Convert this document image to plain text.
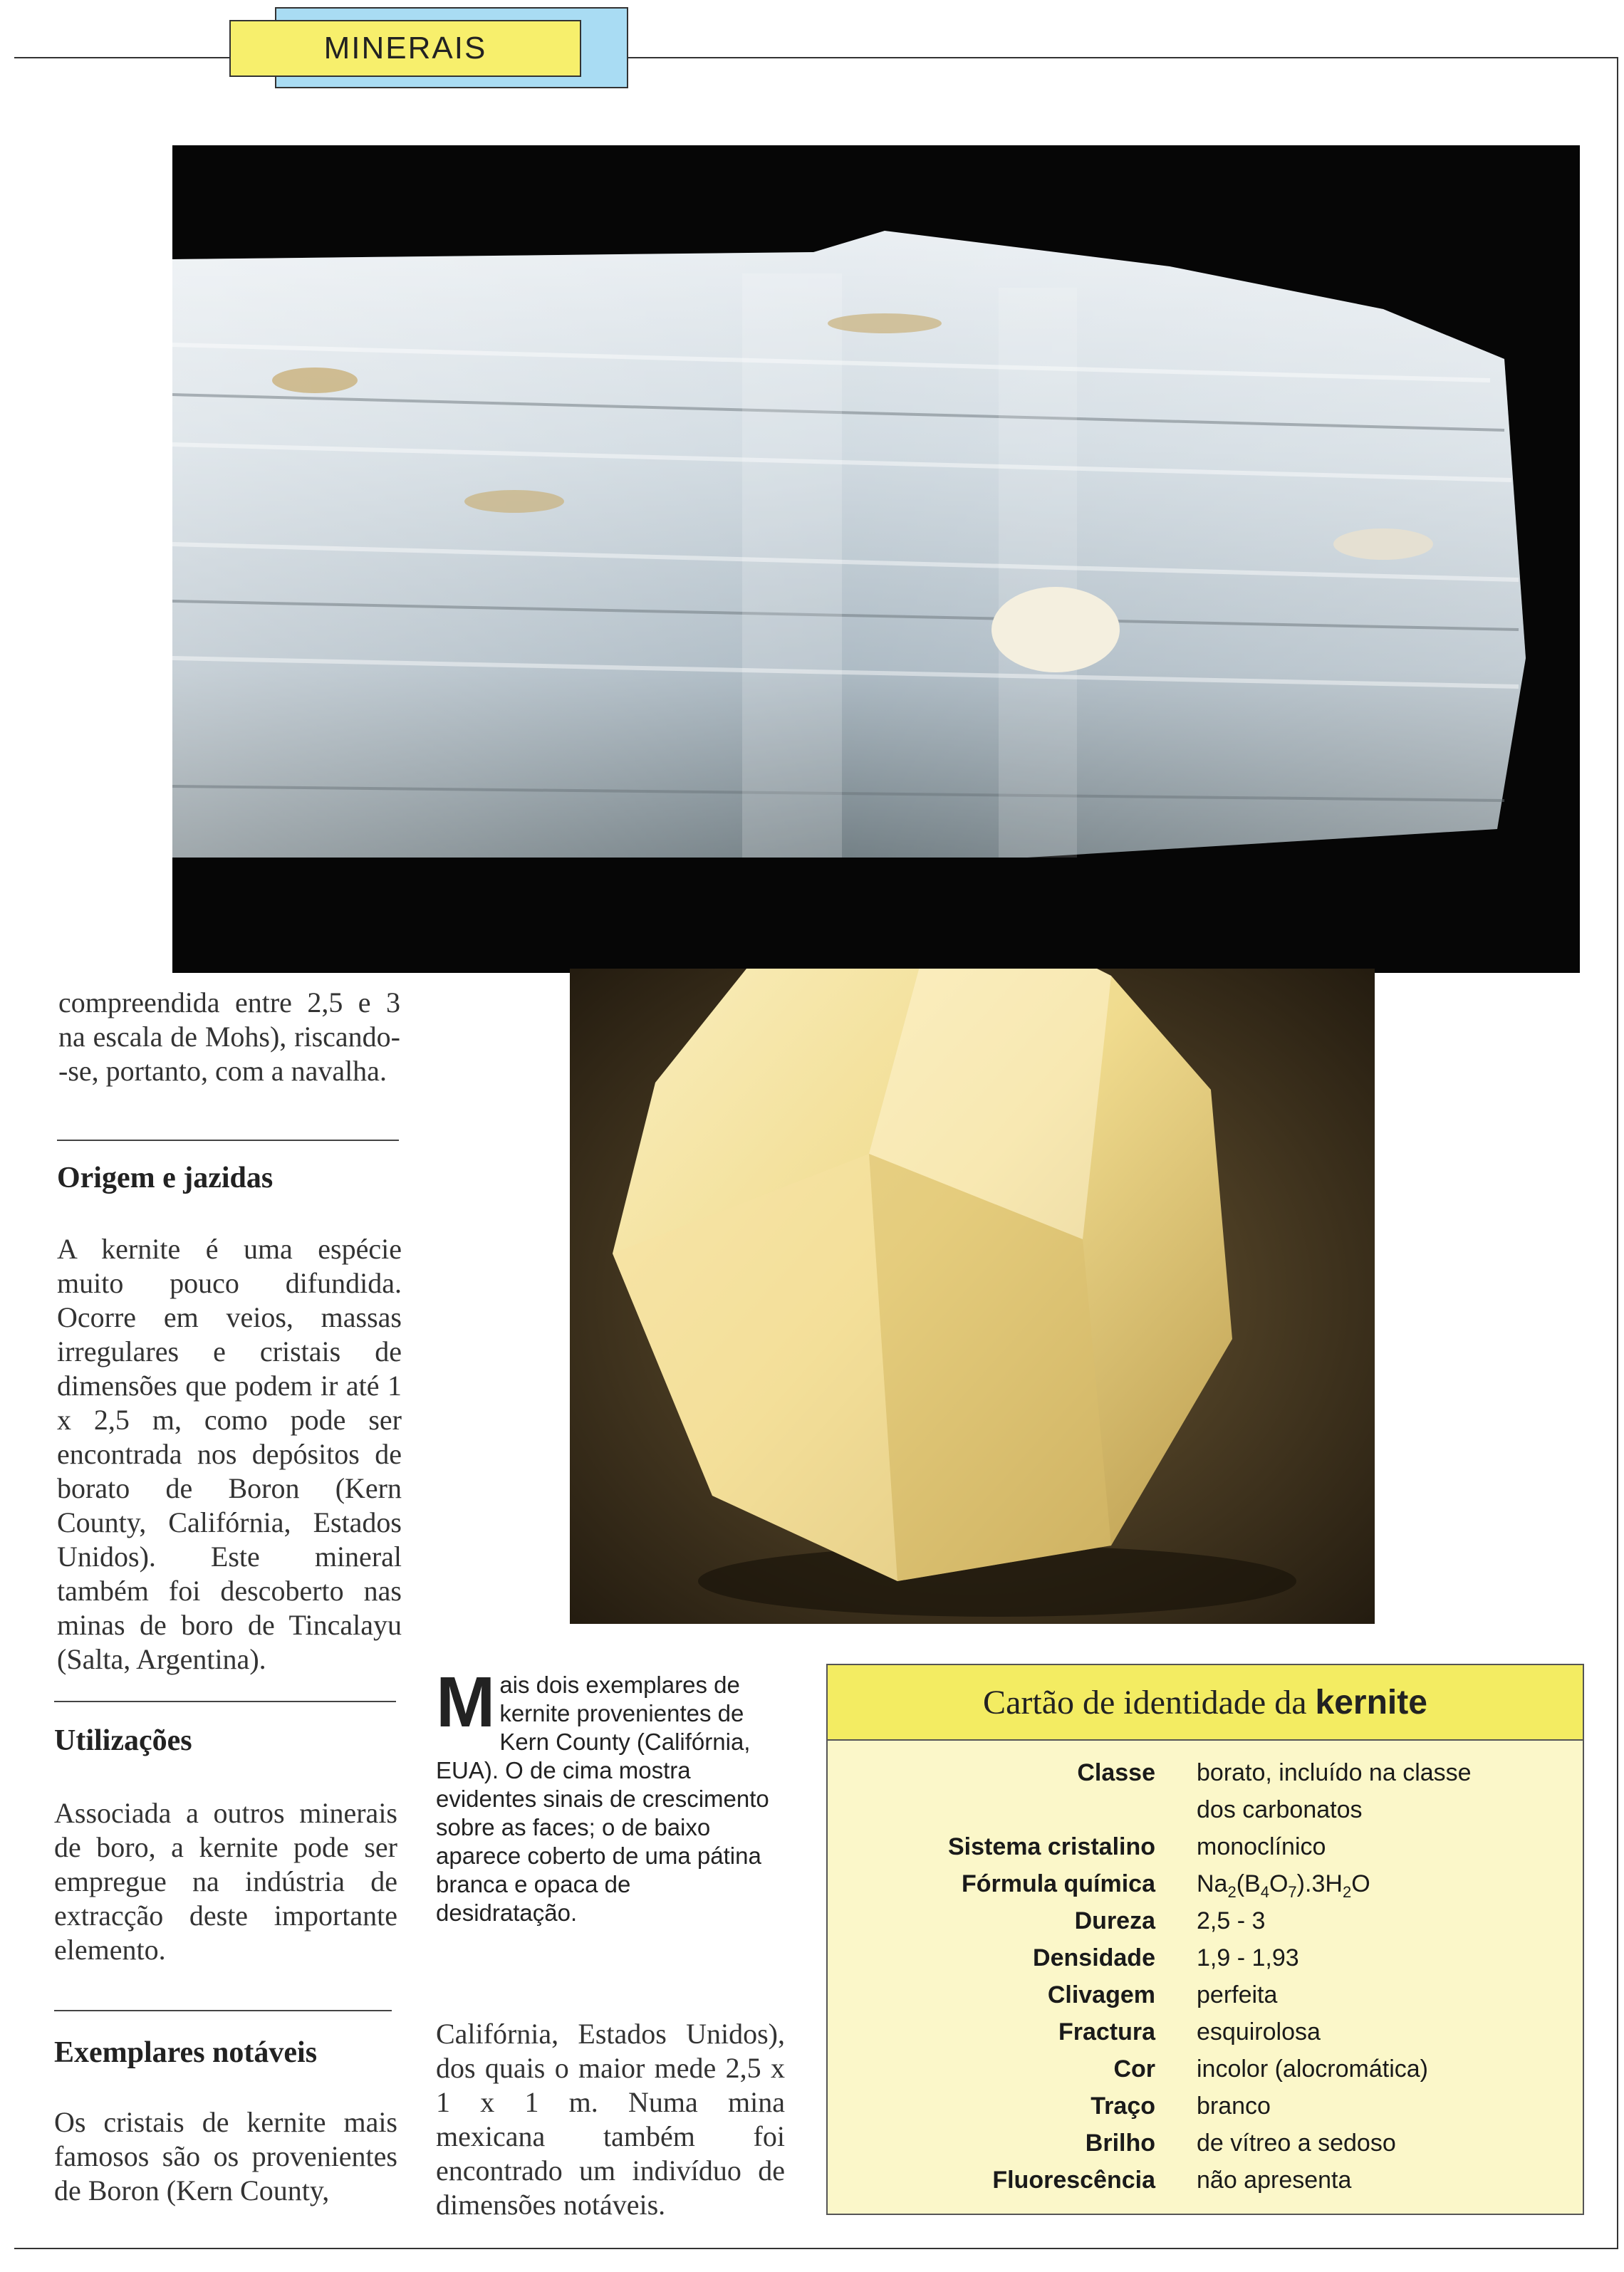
MINERAIS
compreendida entre 2,5 e 3 na escala de Mohs), riscando--se, portanto, com a navalha.
Origem e jazidas
A kernite é uma espécie muito pouco difundida. Ocorre em veios, massas irregulares e cristais de dimensões que podem ir até 1 x 2,5 m, como pode ser encontrada nos depósitos de borato de Boron (Kern County, Califórnia, Estados Unidos). Este mineral também foi descoberto nas minas de boro de Tincalayu (Salta, Argentina).
Utilizações
Associada a outros minerais de boro, a kernite pode ser empregue na indústria de extracção deste importante elemento.
Exemplares notáveis
Os cristais de kernite mais famosos são os provenientes de Boron (Kern County,
Mais dois exemplares de kernite provenientes de Kern County (Califórnia, EUA). O de cima mostra evidentes sinais de crescimento sobre as faces; o de baixo aparece coberto de uma pátina branca e opaca de desidratação.
Califórnia, Estados Unidos), dos quais o maior mede 2,5 x 1 x 1 m. Numa mina mexicana também foi encontrado um indivíduo de dimensões notáveis.
Cartão de identidade da kernite
Classe borato, incluído na classe
dos carbonatos
Sistema cristalino monoclínico
Fórmula química $Na_2(B_4O_7).3H_2O$
Dureza 2,5 - 3
Densidade 1,9 - 1,93
Clivagem perfeita
Fractura esquirolosa
Cor incolor (alocromática)
Traço branco
Brilho de vítreo a sedoso
Fluorescência não apresenta
